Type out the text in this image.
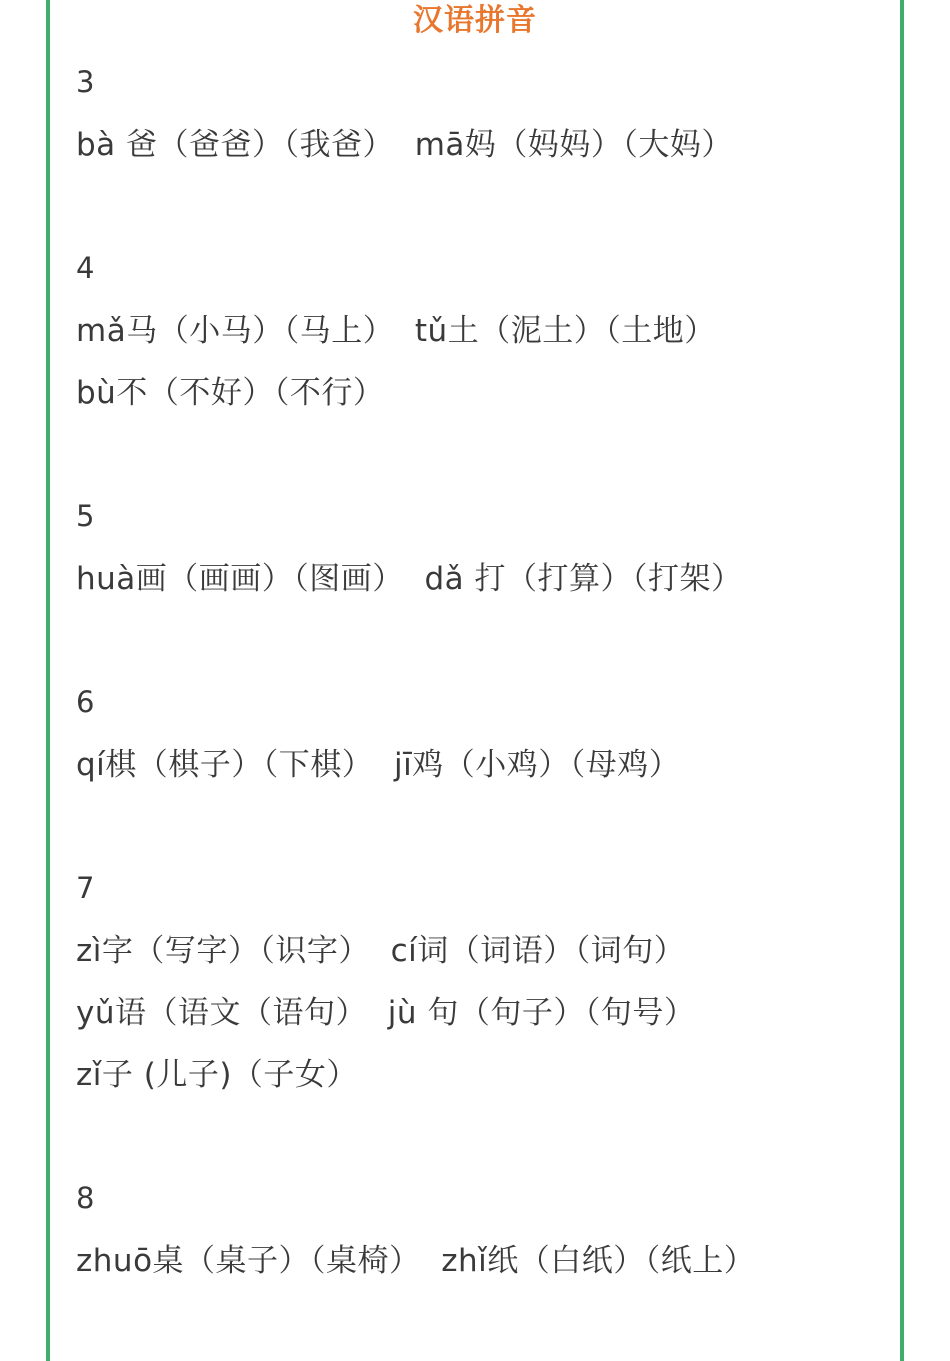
汉语拼音
3
bà 爸（爸爸）（我爸）  mā妈（妈妈）（大妈）
4
mǎ马（小马）（马上）  tǔ土（泥土）（土地）
bù不（不好）（不行）
5
huà画（画画）（图画）  dǎ 打（打算）（打架）
6
qí棋（棋子）（下棋）  jī鸡（小鸡）（母鸡）
7
zì字（写字）（识字）  cí词（词语）（词句）
yǔ语（语文（语句）  jù 句（句子）（句号）
zǐ子 (儿子)（子女）
8
zhuō桌（桌子）（桌椅）  zhǐ纸（白纸）（纸上）
